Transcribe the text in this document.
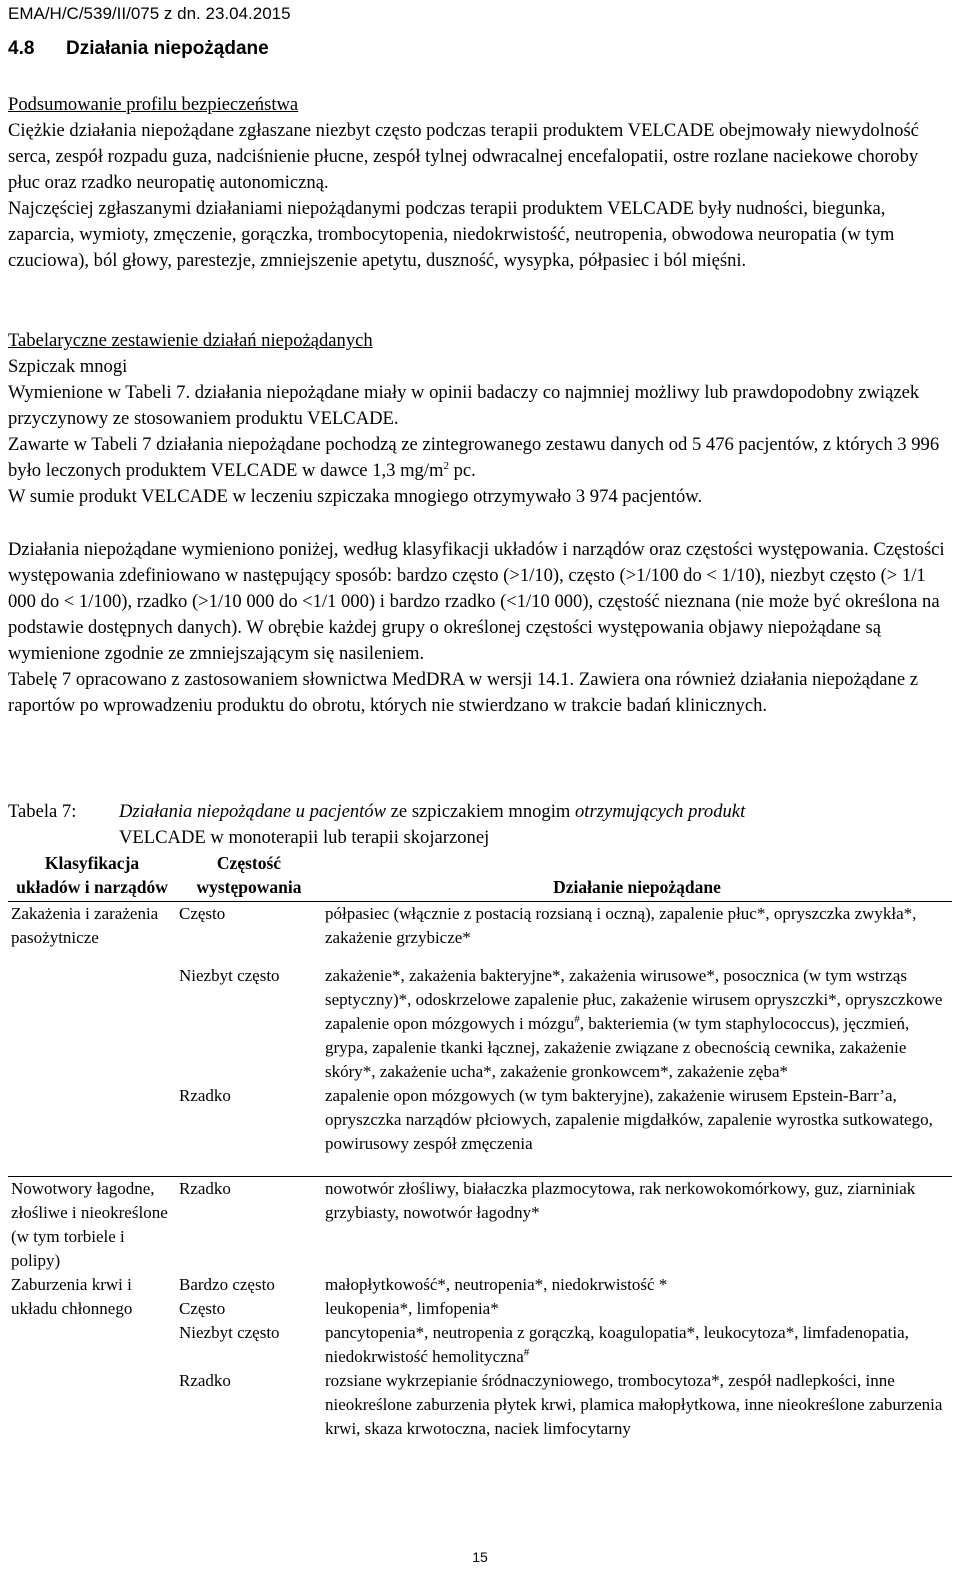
EMA/H/C/539/II/075 z dn. 23.04.2015
4.8 Działania niepożądane
Podsumowanie profilu bezpieczeństwa
Ciężkie działania niepożądane zgłaszane niezbyt często podczas terapii produktem VELCADE obejmowały niewydolność serca, zespół rozpadu guza, nadciśnienie płucne, zespół tylnej odwracalnej encefalopatii, ostre rozlane naciekowe choroby płuc oraz rzadko neuropatię autonomiczną.
Najczęściej zgłaszanymi działaniami niepożądanymi podczas terapii produktem VELCADE były nudności, biegunka, zaparcia, wymioty, zmęczenie, gorączka, trombocytopenia, niedokrwistość, neutropenia, obwodowa neuropatia (w tym czuciowa), ból głowy, parestezje, zmniejszenie apetytu, duszność, wysypka, półpasiec i ból mięśni.
Tabelaryczne zestawienie działań niepożądanych
Szpiczak mnogi
Wymienione w Tabeli 7. działania niepożądane miały w opinii badaczy co najmniej możliwy lub prawdopodobny związek przyczynowy ze stosowaniem produktu VELCADE.
Zawarte w Tabeli 7 działania niepożądane pochodzą ze zintegrowanego zestawu danych od 5 476 pacjentów, z których 3 996 było leczonych produktem VELCADE w dawce 1,3 $mg/m^2$ pc.
W sumie produkt VELCADE w leczeniu szpiczaka mnogiego otrzymywało 3 974 pacjentów.
Działania niepożądane wymieniono poniżej, według klasyfikacji układów i narządów oraz częstości występowania. Częstości występowania zdefiniowano w następujący sposób: bardzo często (>1/10), często (>1/100 do < 1/10), niezbyt często (> 1/1 000 do < 1/100), rzadko (>1/10 000 do <1/1 000) i bardzo rzadko (<1/10 000), częstość nieznana (nie może być określona na podstawie dostępnych danych). W obrębie każdej grupy o określonej częstości występowania objawy niepożądane są wymienione zgodnie ze zmniejszającym się nasileniem.
Tabelę 7 opracowano z zastosowaniem słownictwa MedDRA w wersji 14.1. Zawiera ona również działania niepożądane z raportów po wprowadzeniu produktu do obrotu, których nie stwierdzano w trakcie badań klinicznych.
Tabela 7: Działania niepożądane u pacjentów ze szpiczakiem mnogim otrzymujących produkt
VELCADE w monoterapii lub terapii skojarzonej
Klasyfikacja układów i narządów	Częstość występowania	Działanie niepożądane
Zakażenia i zarażenia pasożytnicze	Często	półpasiec (włącznie z postacią rozsianą i oczną), zapalenie płuc*, opryszczka zwykła*, zakażenie grzybicze*
	Niezbyt często	zakażenie*, zakażenia bakteryjne*, zakażenia wirusowe*, posocznica (w tym wstrząs septyczny)*, odoskrzelowe zapalenie płuc, zakażenie wirusem opryszczki*, opryszczkowe zapalenie opon mózgowych i mózgu#, bakteriemia (w tym staphylococcus), jęczmień, grypa, zapalenie tkanki łącznej, zakażenie związane z obecnością cewnika, zakażenie skóry*, zakażenie ucha*, zakażenie gronkowcem*, zakażenie zęba*
	Rzadko	zapalenie opon mózgowych (w tym bakteryjne), zakażenie wirusem Epstein-Barr’a, opryszczka narządów płciowych, zapalenie migdałków, zapalenie wyrostka sutkowatego, powirusowy zespół zmęczenia
Nowotwory łagodne, złośliwe i nieokreślone (w tym torbiele i polipy)	Rzadko	nowotwór złośliwy, białaczka plazmocytowa, rak nerkowokomórkowy, guz, ziarniniak grzybiasty, nowotwór łagodny*
Zaburzenia krwi i układu chłonnego	Bardzo często	małopłytkowość*, neutropenia*, niedokrwistość *
	Często	leukopenia*, limfopenia*
	Niezbyt często	pancytopenia*, neutropenia z gorączką, koagulopatia*, leukocytoza*, limfadenopatia, niedokrwistość hemolityczna#
	Rzadko	rozsiane wykrzepianie śródnaczyniowego, trombocytoza*, zespół nadlepkości, inne nieokreślone zaburzenia płytek krwi, plamica małopłytkowa, inne nieokreślone zaburzenia krwi, skaza krwotoczna, naciek limfocytarny
15
